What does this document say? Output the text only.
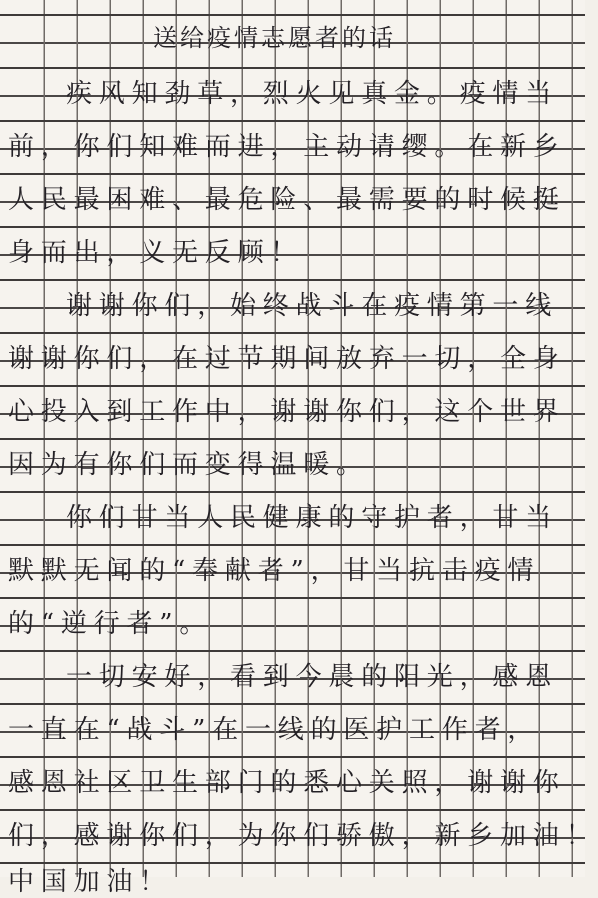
送给疫情志愿者的话
疾风知劲草，烈火见真金。疫情当
前，你们知难而进，主动请缨。在新乡
人民最困难、最危险、最需要的时候挺
身而出，义无反顾！
谢谢你们，始终战斗在疫情第一线
谢谢你们，在过节期间放弃一切，全身
心投入到工作中，谢谢你们，这个世界
因为有你们而变得温暖。
你们甘当人民健康的守护者，甘当
默默无闻的“奉献者”，甘当抗击疫情
的“逆行者”。
一切安好，看到今晨的阳光，感恩
一直在“战斗”在一线的医护工作者，
感恩社区卫生部门的悉心关照，谢谢你
们，感谢你们，为你们骄傲，新乡加油！
中国加油！
